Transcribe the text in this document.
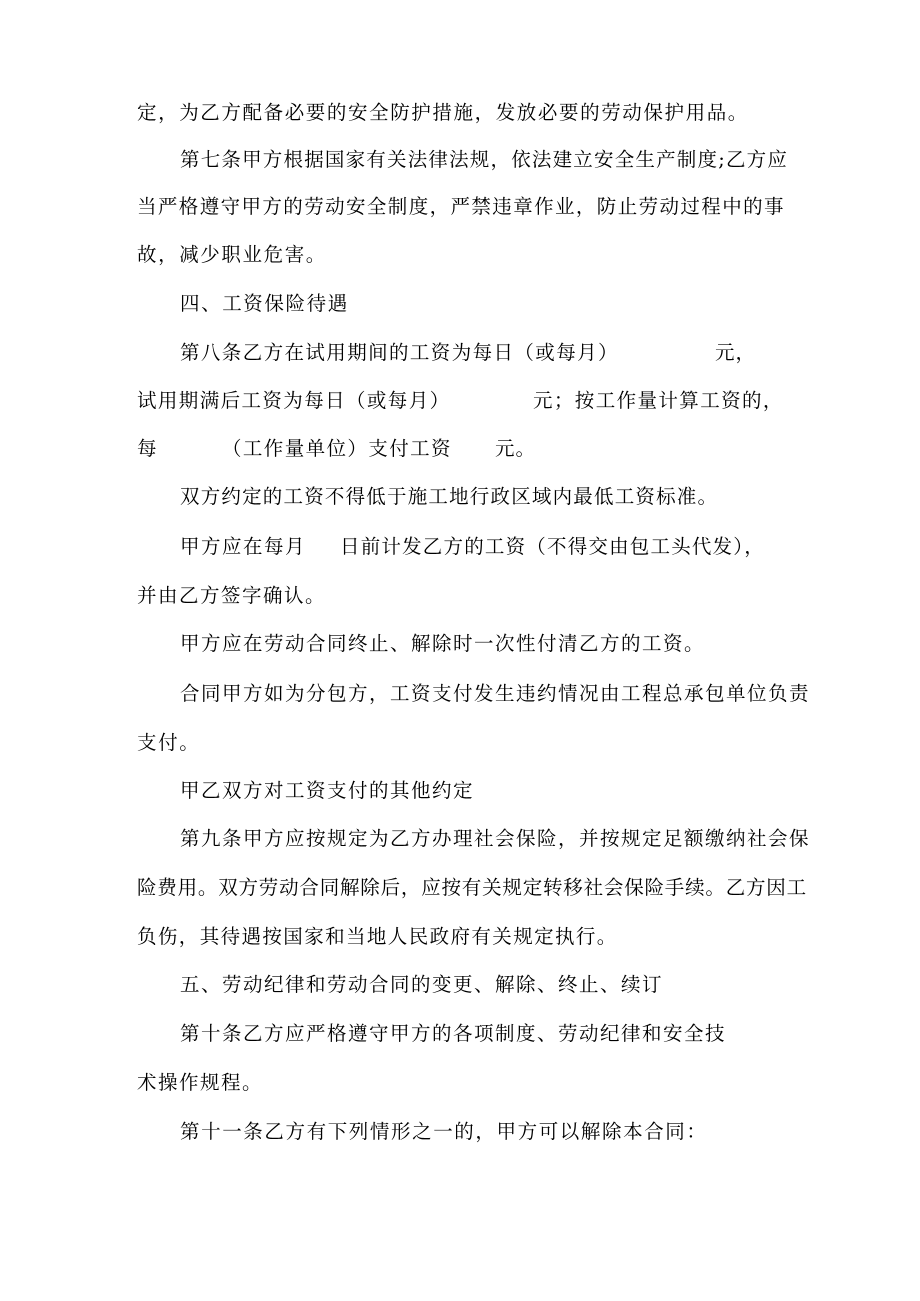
定，为乙方配备必要的安全防护措施，发放必要的劳动保护用品。
第七条甲方根据国家有关法律法规，依法建立安全生产制度;乙方应
当严格遵守甲方的劳动安全制度，严禁违章作业，防止劳动过程中的事
故，减少职业危害。
四、工资保险待遇
第八条乙方在试用期间的工资为每日（或每月）	元，
试用期满后工资为每日（或每月）	元；按工作量计算工资的，
每	（工作量单位）支付工资 元。
双方约定的工资不得低于施工地行政区域内最低工资标准。
甲方应在每月 日前计发乙方的工资（不得交由包工头代发），
并由乙方签字确认。
甲方应在劳动合同终止、解除时一次性付清乙方的工资。
合同甲方如为分包方，工资支付发生违约情况由工程总承包单位负责
支付。
甲乙双方对工资支付的其他约定
第九条甲方应按规定为乙方办理社会保险，并按规定足额缴纳社会保
险费用。双方劳动合同解除后，应按有关规定转移社会保险手续。乙方因工
负伤，其待遇按国家和当地人民政府有关规定执行。
五、劳动纪律和劳动合同的变更、解除、终止、续订
第十条乙方应严格遵守甲方的各项制度、劳动纪律和安全技
术操作规程。
第十一条乙方有下列情形之一的，甲方可以解除本合同：
